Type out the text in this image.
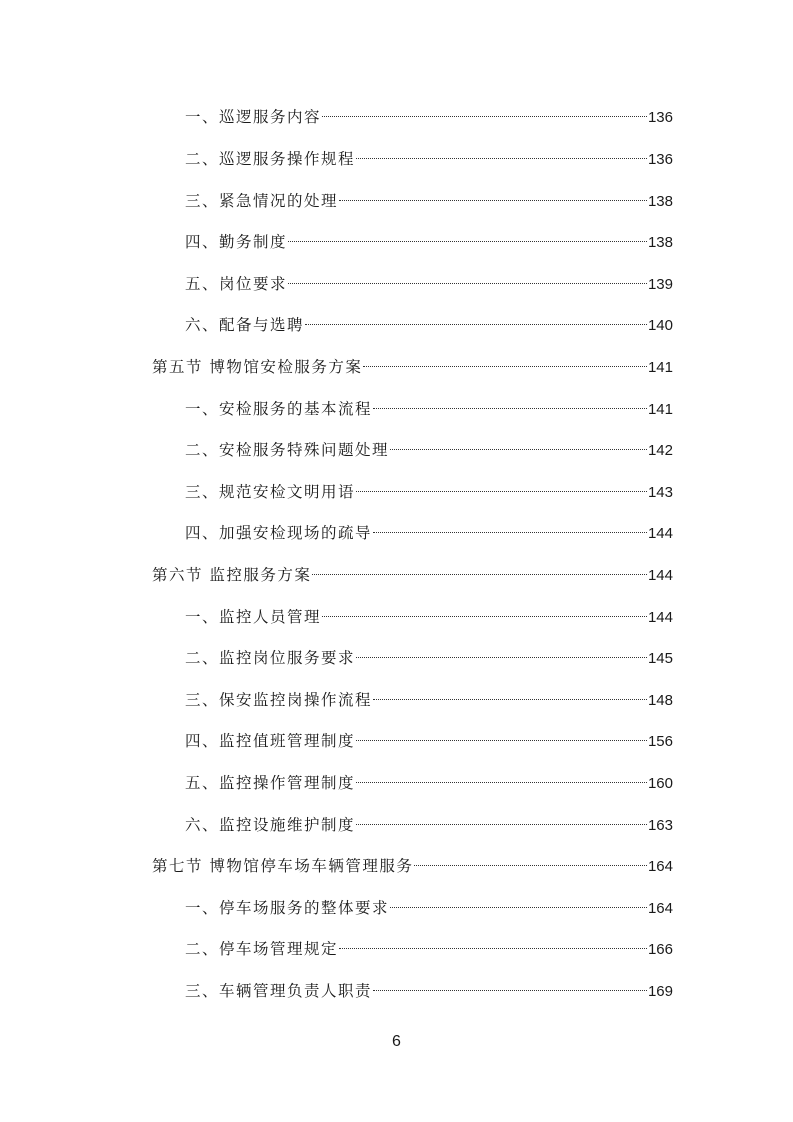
一、巡逻服务内容	136
二、巡逻服务操作规程	136
三、紧急情况的处理	138
四、勤务制度	138
五、岗位要求	139
六、配备与选聘	140
第五节 博物馆安检服务方案	141
一、安检服务的基本流程	141
二、安检服务特殊问题处理	142
三、规范安检文明用语	143
四、加强安检现场的疏导	144
第六节 监控服务方案	144
一、监控人员管理	144
二、监控岗位服务要求	145
三、保安监控岗操作流程	148
四、监控值班管理制度	156
五、监控操作管理制度	160
六、监控设施维护制度	163
第七节 博物馆停车场车辆管理服务	164
一、停车场服务的整体要求	164
二、停车场管理规定	166
三、车辆管理负责人职责	169
6
